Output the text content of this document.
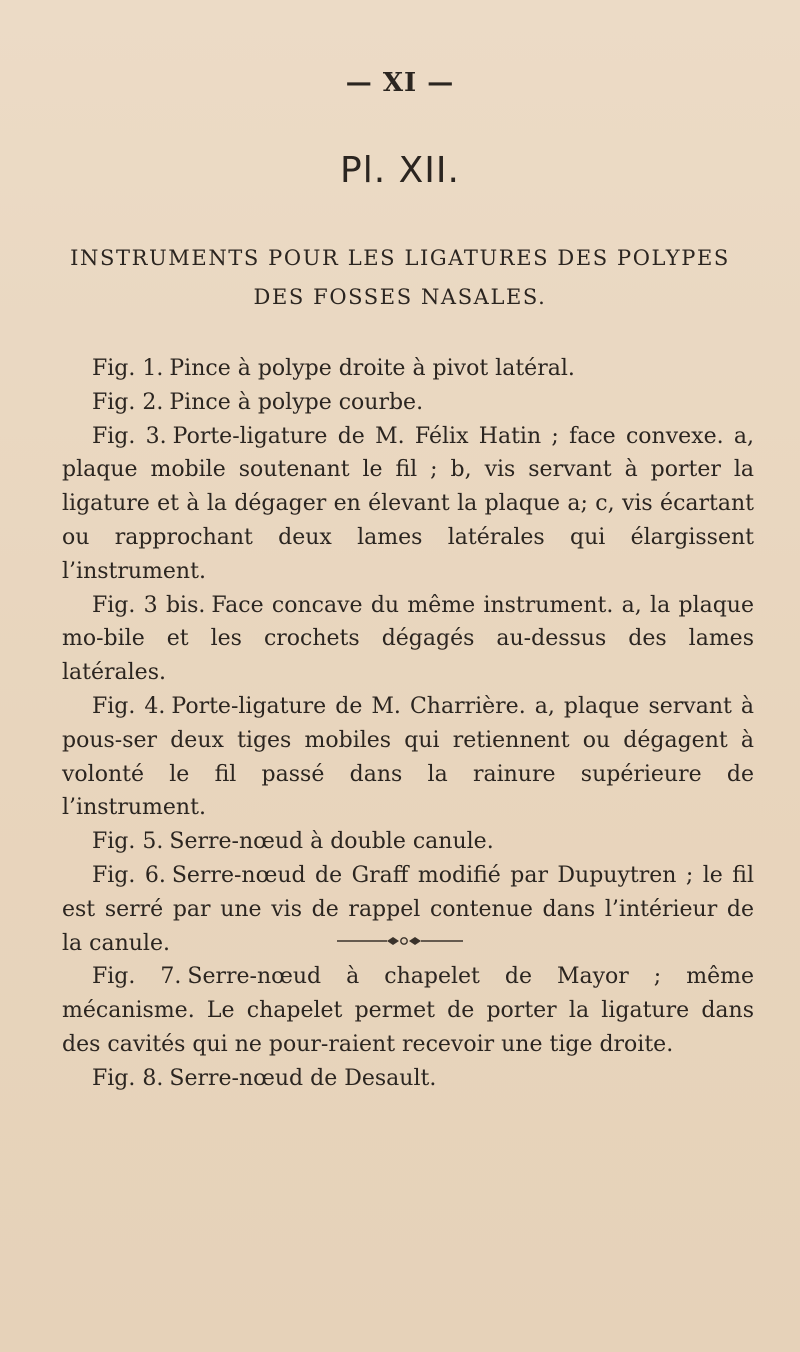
— XI —
Pl. XII.
INSTRUMENTS POUR LES LIGATURES DES POLYPES
DES FOSSES NASALES.

Fig. 1. Pince à polype droite à pivot latéral.

Fig. 2. Pince à polype courbe.

Fig. 3. Porte-ligature de M. Félix Hatin ; face convexe. a, plaque mobile soutenant le fil ; b, vis servant à porter la ligature et à la dégager en élevant la plaque a; c, vis écartant ou rapprochant deux lames latérales qui élargissent l’instrument.

Fig. 3 bis. Face concave du même instrument. a, la plaque mo-bile et les crochets dégagés au-dessus des lames latérales.

Fig. 4. Porte-ligature de M. Charrière. a, plaque servant à pous-ser deux tiges mobiles qui retiennent ou dégagent à volonté le fil passé dans la rainure supérieure de l’instrument.

Fig. 5. Serre-nœud à double canule.

Fig. 6. Serre-nœud de Graff modifié par Dupuytren ; le fil est serré par une vis de rappel contenue dans l’intérieur de la canule.

Fig. 7. Serre-nœud à chapelet de Mayor ; même mécanisme. Le chapelet permet de porter la ligature dans des cavités qui ne pour-raient recevoir une tige droite.

Fig. 8. Serre-nœud de Desault.
